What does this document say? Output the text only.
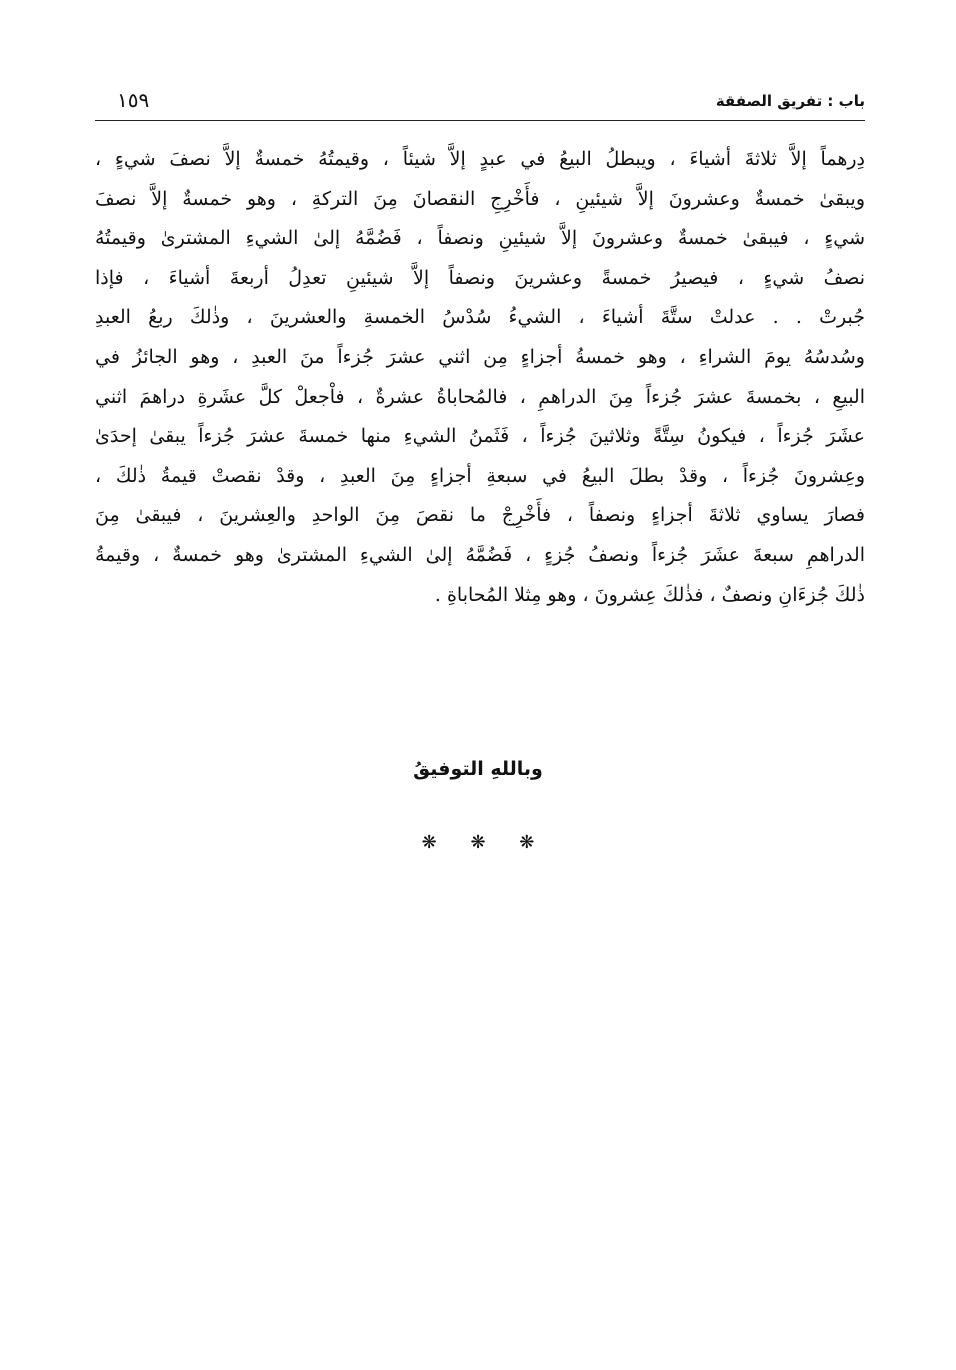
باب : تفريق الصفقة
١٥٩
دِرهماً إلاَّ ثلاثةَ أشياءَ ، ويبطلُ البيعُ في عبدٍ إلاَّ شيئاً ، وقيمتُهُ خمسةٌ إلاَّ نصفَ شيءٍ ،
ويبقىٰ خمسةٌ وعشرونَ إلاَّ شيئينِ ، فأَخْرِجِ النقصانَ مِنَ التركةِ ، وهو خمسةٌ إلاَّ نصفَ
شيءٍ ، فيبقىٰ خمسةٌ وعشرونَ إلاَّ شيئينِ ونصفاً ، فَضُمَّهُ إلىٰ الشيءِ المشترىٰ وقيمتُهُ
نصفُ شيءٍ ، فيصيرُ خمسةً وعشرينَ ونصفاً إلاَّ شيئينِ تعدِلُ أربعةَ أشياءَ ، فإذا
جُبرتْ . . عدلتْ ستَّةَ أشياءَ ، الشيءُ سُدْسُ الخمسةِ والعشرينَ ، وذٰلكَ ربعُ العبدِ
وسُدسُهُ يومَ الشراءِ ، وهو خمسةُ أجزاءٍ مِن اثني عشرَ جُزءاً منَ العبدِ ، وهو الجائزُ في
البيعِ ، بخمسةَ عشرَ جُزءاً مِنَ الدراهمِ ، فالمُحاباةُ عشرةٌ ، فاْجعلْ كلَّ عشَرةِ دراهمَ اثني
عشَرَ جُزءاً ، فيكونُ سِتَّةً وثلاثينَ جُزءاً ، فَثَمنُ الشيءِ منها خمسةَ عشرَ جُزءاً يبقىٰ إحدَىٰ
وعِشرونَ جُزءاً ، وقدْ بطلَ البيعُ في سبعةِ أجزاءٍ مِنَ العبدِ ، وقدْ نقصتْ قيمةُ ذٰلكَ ،
فصارَ يساوي ثلاثةَ أجزاءٍ ونصفاً ، فأَخْرِجْ ما نقصَ مِنَ الواحدِ والعِشرينَ ، فيبقىٰ مِنَ
الدراهمِ سبعةَ عشَرَ جُزءاً ونصفُ جُزءٍ ، فَضُمَّهُ إلىٰ الشيءِ المشترىٰ وهو خمسةٌ ، وقيمةُ
ذٰلكَ جُزءَانِ ونصفٌ ، فذٰلكَ عِشرونَ ، وهو مِثلا المُحاباةِ .
وباللهِ التوفيقُ
❋ ❋ ❋
